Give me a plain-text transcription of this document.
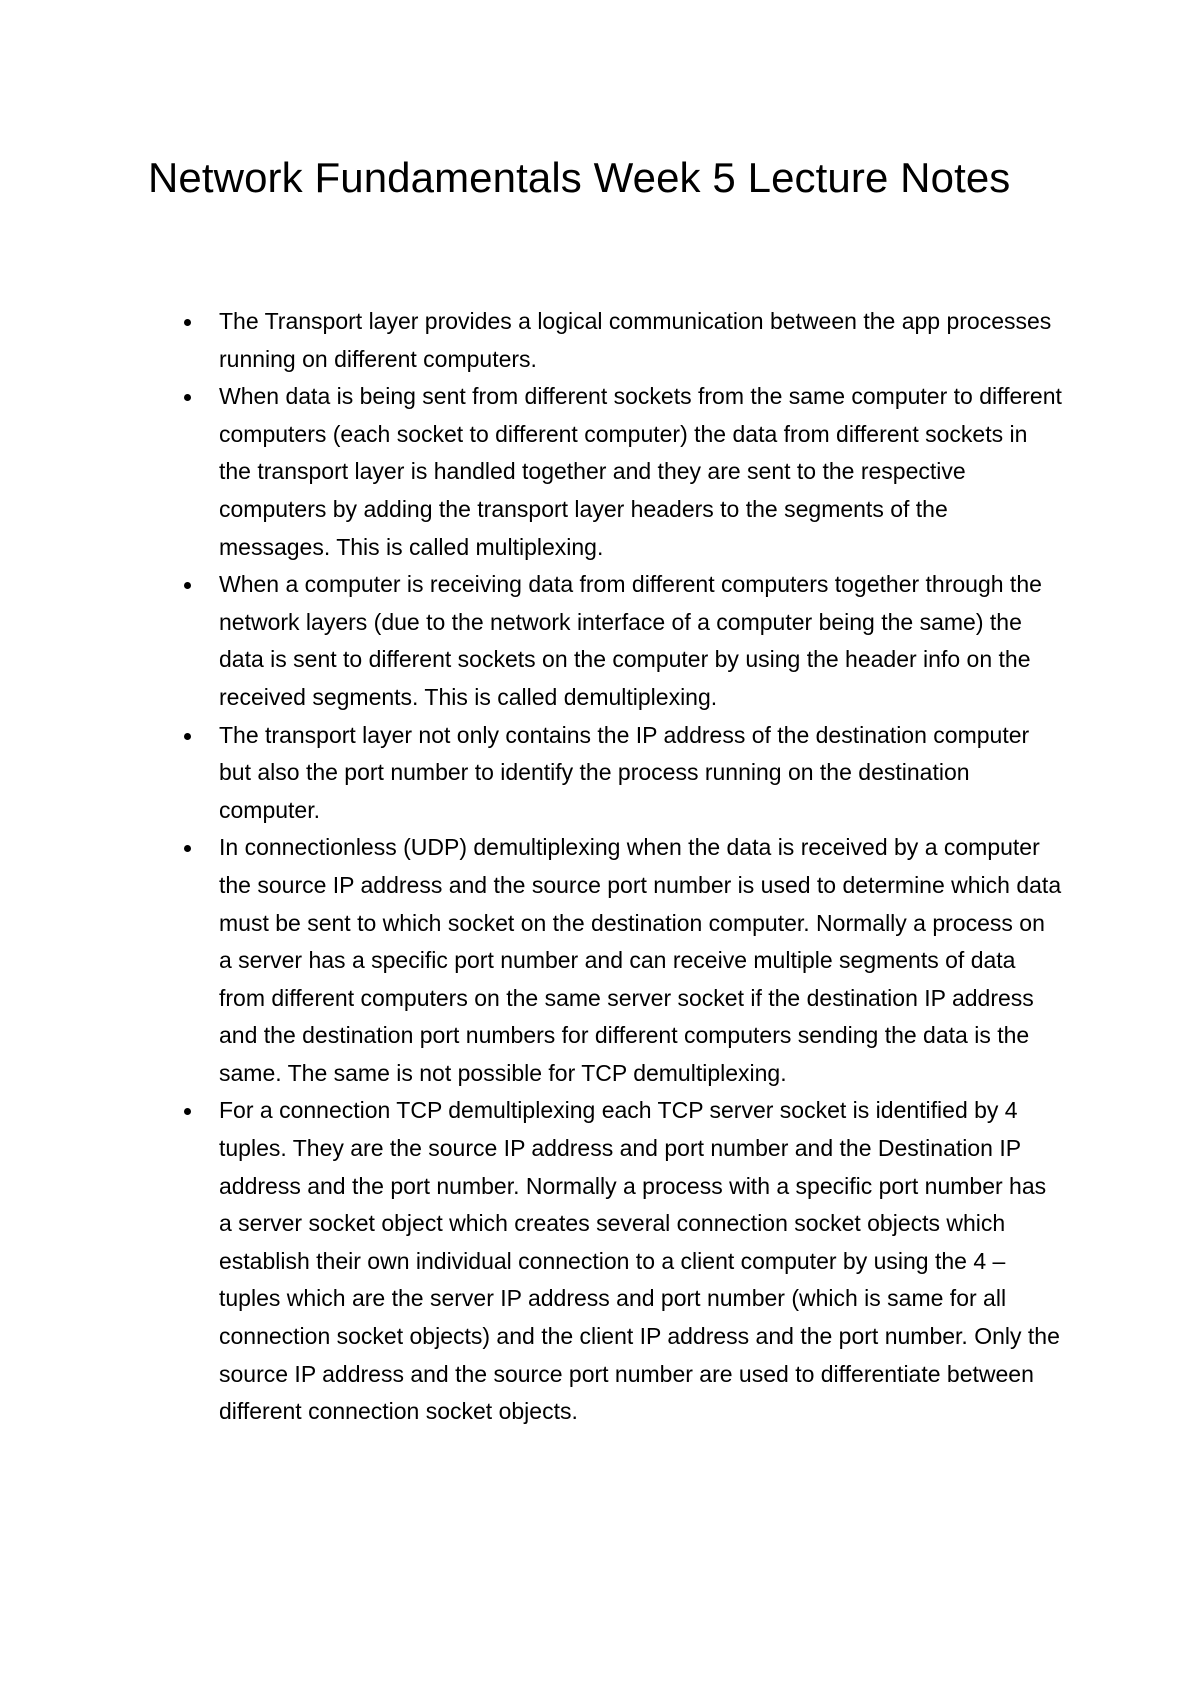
Network Fundamentals Week 5 Lecture Notes
The Transport layer provides a logical communication between the app processes running on different computers.
When data is being sent from different sockets from the same computer to different computers (each socket to different computer) the data from different sockets in the transport layer is handled together and they are sent to the respective computers by adding the transport layer headers to the segments of the messages. This is called multiplexing.
When a computer is receiving data from different computers together through the network layers (due to the network interface of a computer being the same) the data is sent to different sockets on the computer by using the header info on the received segments. This is called demultiplexing.
The transport layer not only contains the IP address of the destination computer but also the port number to identify the process running on the destination computer.
In connectionless (UDP) demultiplexing when the data is received by a computer the source IP address and the source port number is used to determine which data must be sent to which socket on the destination computer. Normally a process on a server has a specific port number and can receive multiple segments of data from different computers on the same server socket if the destination IP address and the destination port numbers for different computers sending the data is the same. The same is not possible for TCP demultiplexing.
For a connection TCP demultiplexing each TCP server socket is identified by 4 tuples. They are the source IP address and port number and the Destination IP address and the port number. Normally a process with a specific port number has a server socket object which creates several connection socket objects which establish their own individual connection to a client computer by using the 4 – tuples which are the server IP address and port number (which is same for all connection socket objects) and the client IP address and the port number. Only the source IP address and the source port number are used to differentiate between different connection socket objects.
